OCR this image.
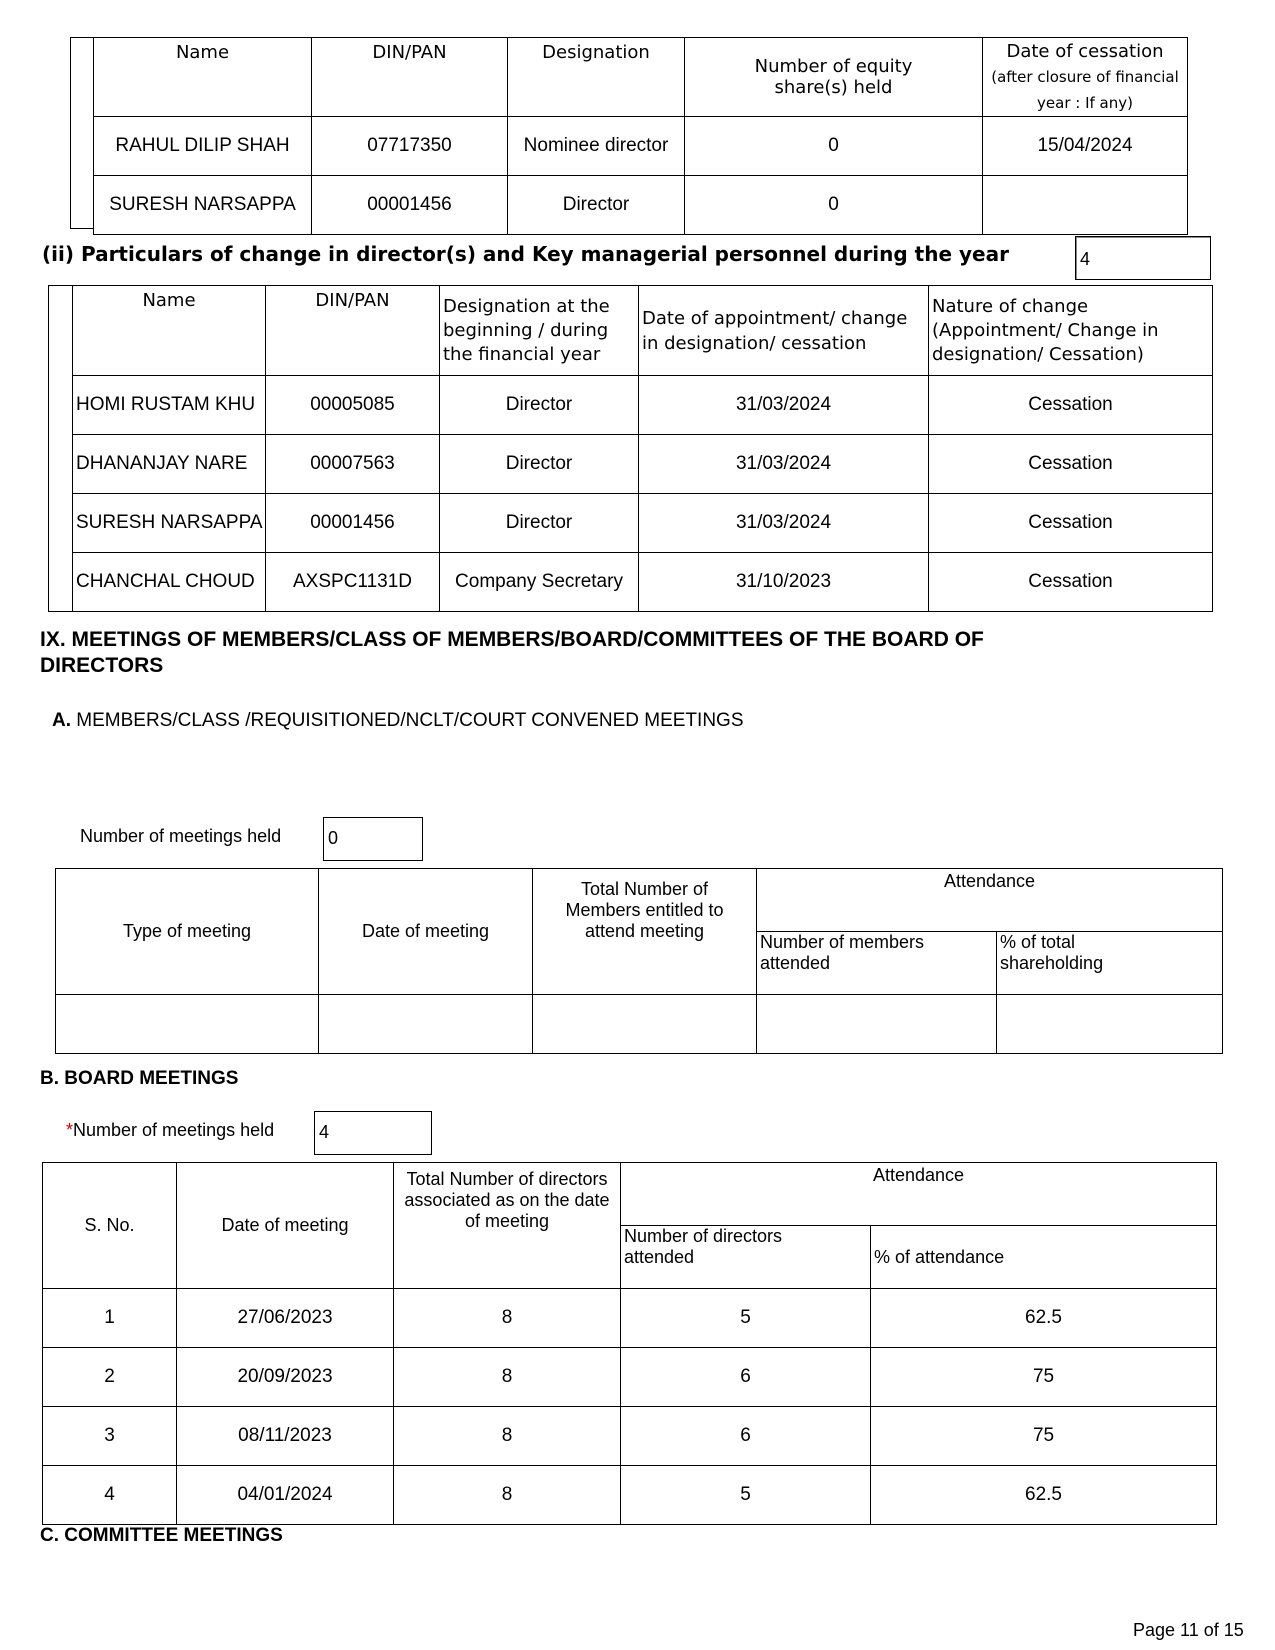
Name	DIN/PAN	Designation	Number of equity share(s) held	Date of cessation
(after closure of financial year : If any)

RAHUL DILIP SHAH	07717350	Nominee director	0	15/04/2024
SURESH NARSAPPA	00001456	Director	0	
(ii) Particulars of change in director(s) and Key managerial personnel during the year	4
Name	DIN/PAN	Designation at the beginning / during the financial year	Date of appointment/ change in designation/ cessation	Nature of change (Appointment/ Change in designation/ Cessation)
HOMI RUSTAM KHU	00005085	Director	31/03/2024	Cessation
DHANANJAY NARE	00007563	Director	31/03/2024	Cessation
SURESH NARSAPPA	00001456	Director	31/03/2024	Cessation
CHANCHAL CHOUD	AXSPC1131D	Company Secretary	31/10/2023	Cessation
IX. MEETINGS OF MEMBERS/CLASS OF MEMBERS/BOARD/COMMITTEES OF THE BOARD OF DIRECTORS
A. MEMBERS/CLASS /REQUISITIONED/NCLT/COURT CONVENED MEETINGS
Number of meetings held	0
Type of meeting	Date of meeting	Total Number of Members entitled to attend meeting	Attendance	
			Number of members attended	% of total shareholding

B. BOARD MEETINGS
*Number of meetings held 4
S. No.	Date of meeting	Total Number of directors associated as on the date of meeting	Attendance	
			Number of directors attended	% of attendance
1	27/06/2023	8	5	62.5
2	20/09/2023	8	6	75
3	08/11/2023	8	6	75
4	04/01/2024	8	5	62.5
C. COMMITTEE MEETINGS
Page 11 of 15
